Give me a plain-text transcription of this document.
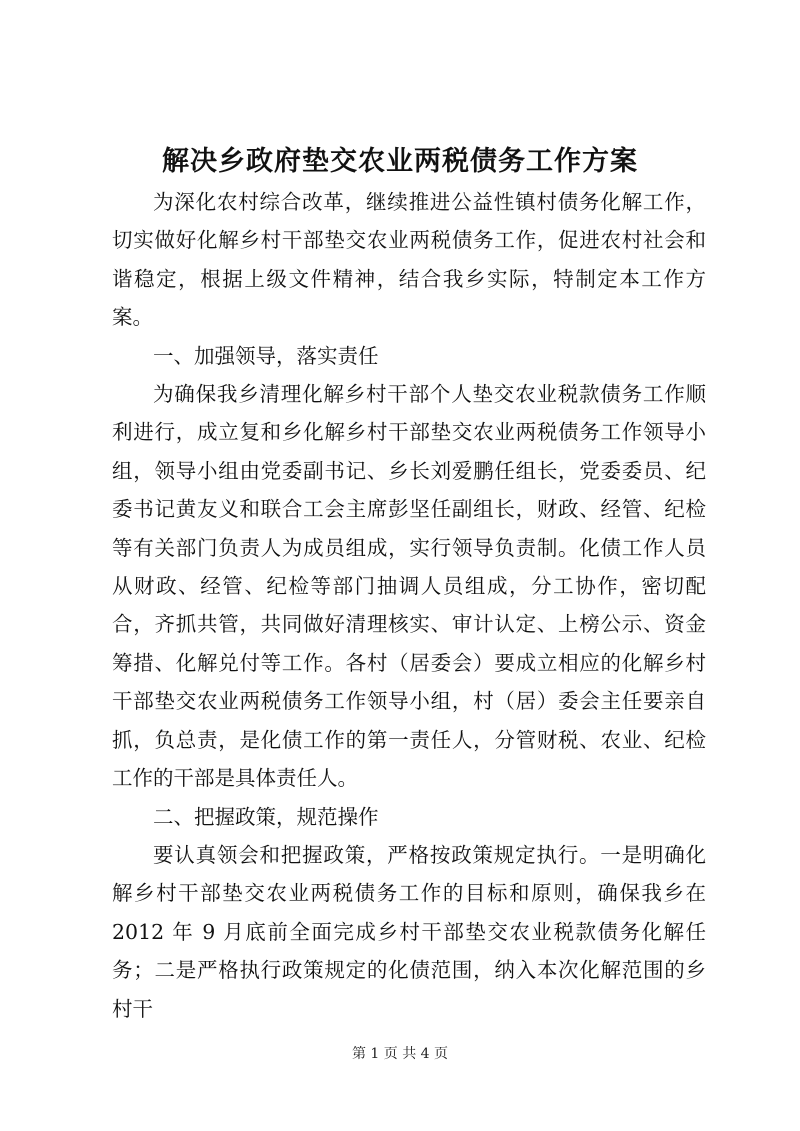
解决乡政府垫交农业两税债务工作方案

为深化农村综合改革，继续推进公益性镇村债务化解工作，切实做好化解乡村干部垫交农业两税债务工作，促进农村社会和谐稳定，根据上级文件精神，结合我乡实际，特制定本工作方案。

一、加强领导，落实责任

为确保我乡清理化解乡村干部个人垫交农业税款债务工作顺利进行，成立复和乡化解乡村干部垫交农业两税债务工作领导小组，领导小组由党委副书记、乡长刘爱鹏任组长，党委委员、纪委书记黄友义和联合工会主席彭坚任副组长，财政、经管、纪检等有关部门负责人为成员组成，实行领导负责制。化债工作人员从财政、经管、纪检等部门抽调人员组成，分工协作，密切配合，齐抓共管，共同做好清理核实、审计认定、上榜公示、资金筹措、化解兑付等工作。各村（居委会）要成立相应的化解乡村干部垫交农业两税债务工作领导小组，村（居）委会主任要亲自抓，负总责，是化债工作的第一责任人，分管财税、农业、纪检工作的干部是具体责任人。

二、把握政策，规范操作

要认真领会和把握政策，严格按政策规定执行。一是明确化解乡村干部垫交农业两税债务工作的目标和原则，确保我乡在2012 年 9 月底前全面完成乡村干部垫交农业税款债务化解任务；二是严格执行政策规定的化债范围，纳入本次化解范围的乡村干

第 1 页 共 4 页
